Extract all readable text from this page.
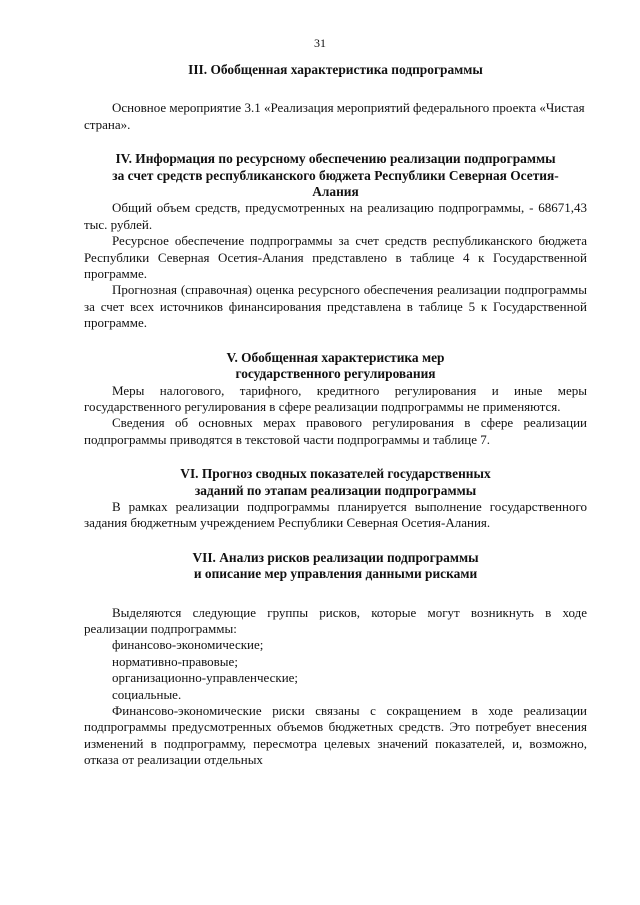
31

III. Обобщенная характеристика подпрограммы

Основное мероприятие 3.1 «Реализация мероприятий федерального проекта «Чистая страна».

IV. Информация по ресурсному обеспечению реализации подпрограммы

за счет средств республиканского бюджета Республики Северная Осетия-

Алания

Общий объем средств, предусмотренных на реализацию подпрограммы, - 68671,43 тыс. рублей.

Ресурсное обеспечение подпрограммы за счет средств республиканского бюджета Республики Северная Осетия-Алания представлено в таблице 4 к Государственной программе.

Прогнозная (справочная) оценка ресурсного обеспечения реализации подпрограммы за счет всех источников финансирования представлена в таблице 5 к Государственной программе.

V. Обобщенная характеристика мер

государственного регулирования

Меры налогового, тарифного, кредитного регулирования и иные меры государственного регулирования в сфере реализации подпрограммы не применяются.

Сведения об основных мерах правового регулирования в сфере реализации подпрограммы приводятся в текстовой части подпрограммы и таблице 7.

VI. Прогноз сводных показателей государственных

заданий по этапам реализации подпрограммы

В рамках реализации подпрограммы планируется выполнение государственного задания бюджетным учреждением Республики Северная Осетия-Алания.

VII. Анализ рисков реализации подпрограммы

и описание мер управления данными рисками

Выделяются следующие группы рисков, которые могут возникнуть в ходе реализации подпрограммы:

финансово-экономические;

нормативно-правовые;

организационно-управленческие;

социальные.

Финансово-экономические риски связаны с сокращением в ходе реализации подпрограммы предусмотренных объемов бюджетных средств. Это потребует внесения изменений в подпрограмму, пересмотра целевых значений показателей, и, возможно, отказа от реализации отдельных
